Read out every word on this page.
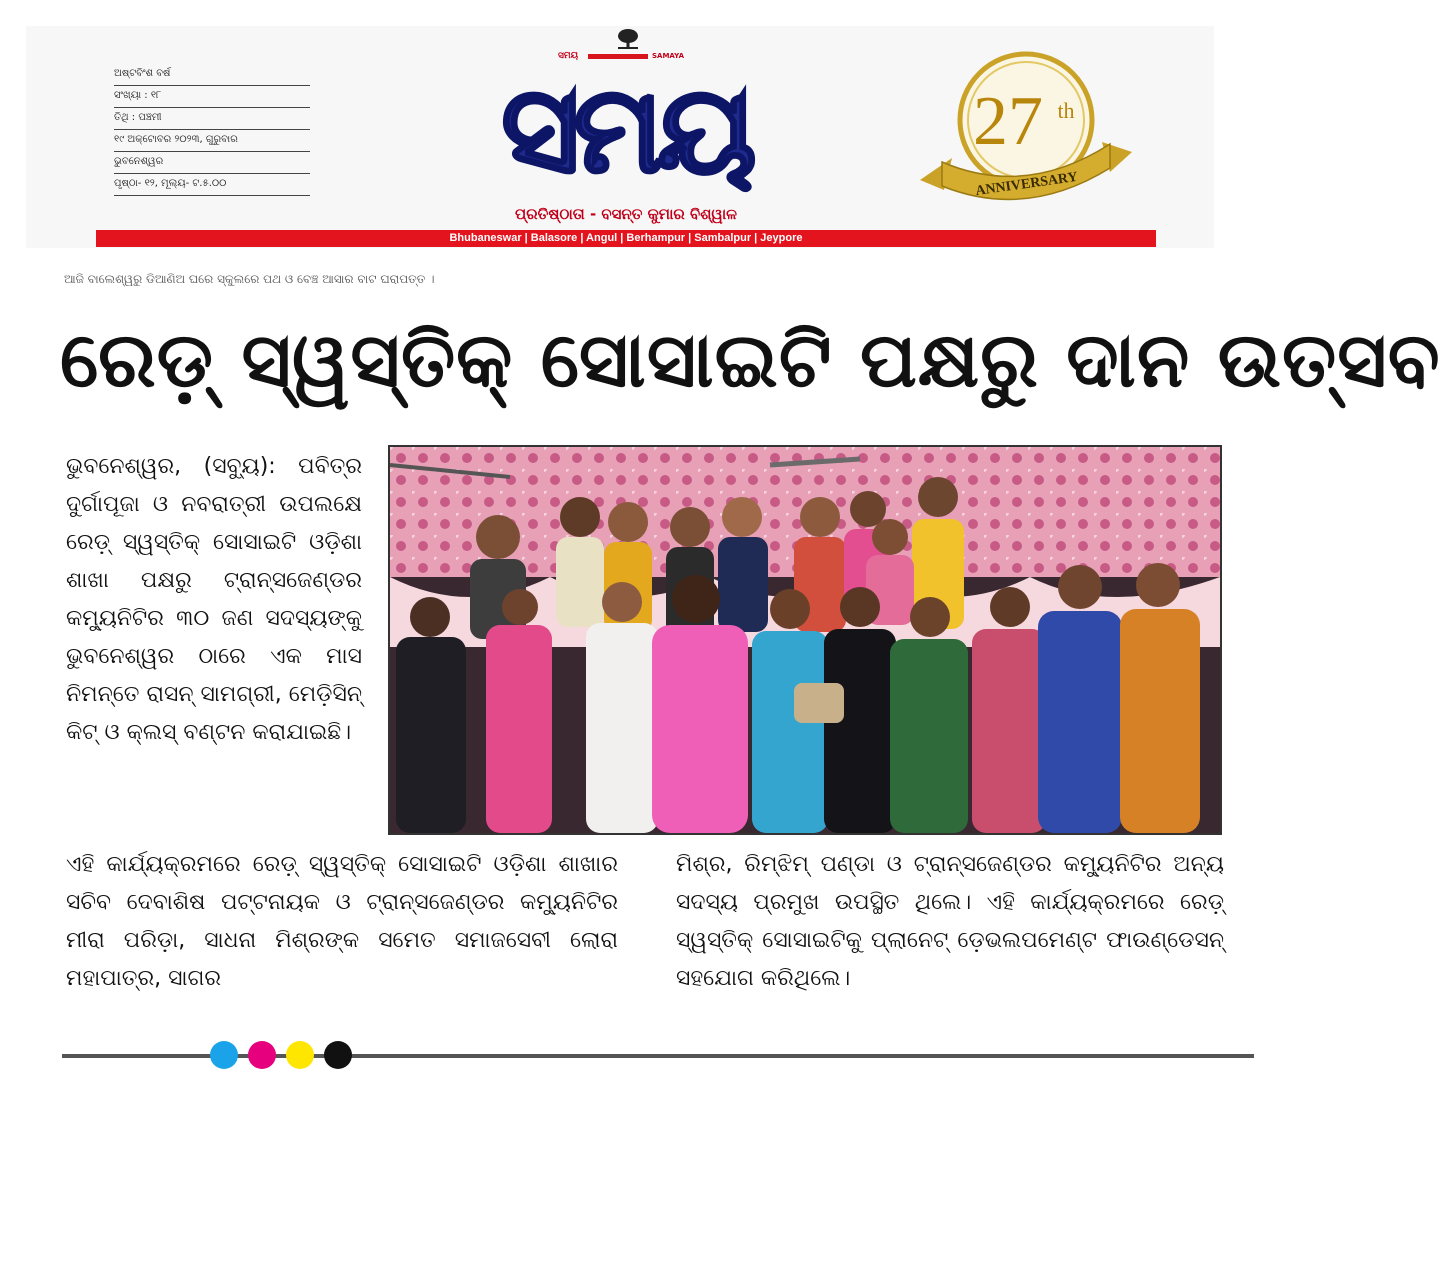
ଅଷ୍ଟବିଂଶ ବର୍ଷ
ସଂଖ୍ୟା : ୧୮
ତିଥି : ପଞ୍ଚମୀ
୧୯ ଅକ୍ଟୋବର ୨୦୨୩, ଗୁରୁବାର
ଭୁବନେଶ୍ୱର
ପୃଷ୍ଠା- ୧୨, ମୂଲ୍ୟ- ଟ.୫.୦୦
ସମୟ	SAMAYA
ସମୟ
ପ୍ରତିଷ୍ଠାତା - ବସନ୍ତ କୁମାର ବିଶ୍ୱାଳ
27 th
ANNIVERSARY
Bhubaneswar | Balasore | Angul | Berhampur | Sambalpur | Jeypore
ଆଜି ବାଲେଶ୍ୱରୁ ଡିଆଣିଅ ଘରେ ସ୍କୁଲରେ ପଥ ଓ ବେଞ୍ଚ ଆସାର ବାଟ ଘରାପତ୍ତ ।
ରେଡ଼୍ ସ୍ୱସ୍ତିକ୍ ସୋସାଇଟି ପକ୍ଷରୁ ଦାନ ଉତ୍ସବ
ଭୁବନେଶ୍ୱର, (ସବ୍ୟୁ): ପବିତ୍ର ଦୁର୍ଗାପୂଜା ଓ ନବରାତ୍ରୀ ଉପଲକ୍ଷେ ରେଡ଼୍ ସ୍ୱସ୍ତିକ୍ ସୋସାଇଟି ଓଡ଼ିଶା ଶାଖା ପକ୍ଷରୁ ଟ୍ରାନ୍ସଜେଣ୍ଡର କମ୍ୟୁନିଟିର ୩୦ ଜଣ ସଦସ୍ୟଙ୍କୁ ଭୁବନେଶ୍ୱର ଠାରେ ଏକ ମାସ ନିମନ୍ତେ ରାସନ୍ ସାମଗ୍ରୀ, ମେଡ଼ିସିନ୍ କିଟ୍ ଓ କ୍ଲସ୍ ବଣ୍ଟନ କରାଯାଇଛି।
ଏହି କାର୍ଯ୍ୟକ୍ରମରେ ରେଡ଼୍ ସ୍ୱସ୍ତିକ୍ ସୋସାଇଟି ଓଡ଼ିଶା ଶାଖାର ସଚିବ ଦେବାଶିଷ ପଟ୍ଟନାୟକ ଓ ଟ୍ରାନ୍ସଜେଣ୍ଡର କମ୍ୟୁନିଟିର ମୀରା ପରିଡ଼ା, ସାଧନା ମିଶ୍ରଙ୍କ ସମେତ ସମାଜସେବୀ ଲୋରା ମହାପାତ୍ର, ସାଗର
ମିଶ୍ର, ରିମ୍‌ଝିମ୍ ପଣ୍ଡା ଓ ଟ୍ରାନ୍ସଜେଣ୍ଡର କମ୍ୟୁନିଟିର ଅନ୍ୟ ସଦସ୍ୟ ପ୍ରମୁଖ ଉପସ୍ଥିତ ଥିଲେ। ଏହି କାର୍ଯ୍ୟକ୍ରମରେ ରେଡ଼୍ ସ୍ୱସ୍ତିକ୍ ସୋସାଇଟିକୁ ପ୍ଲାନେଟ୍ ଡ଼େଭଲପମେଣ୍ଟ ଫାଉଣ୍ଡେସନ୍ ସହଯୋଗ କରିଥିଲେ।
